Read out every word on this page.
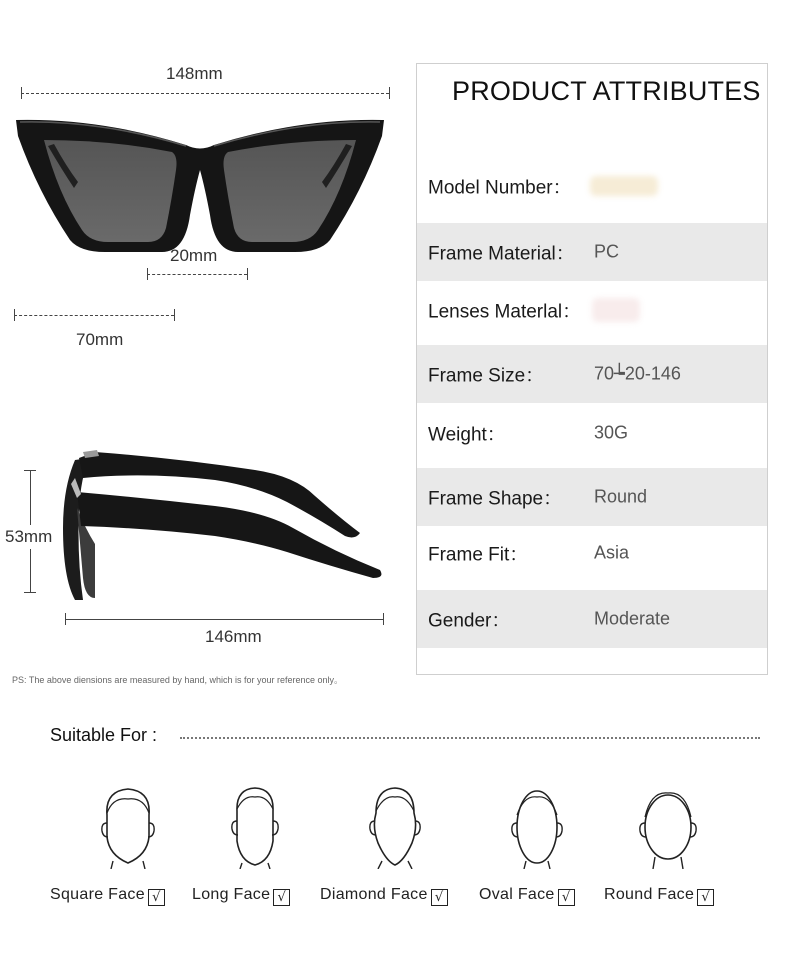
148mm
20mm
70mm
53mm
146mm
PRODUCT ATTRIBUTES
Model Number：
Frame Material： PC
Lenses Materlal：
Frame Size：	70┶20-146
Weight：	30G
Frame Shape： Round
Frame Fit：	Asia
Gender：	Moderate
PS: The above diensions are measured by hand, which is for your reference only。
Suitable For :
Square Face √ Long Face √ Diamond Face √ Oval Face √ Round Face √
